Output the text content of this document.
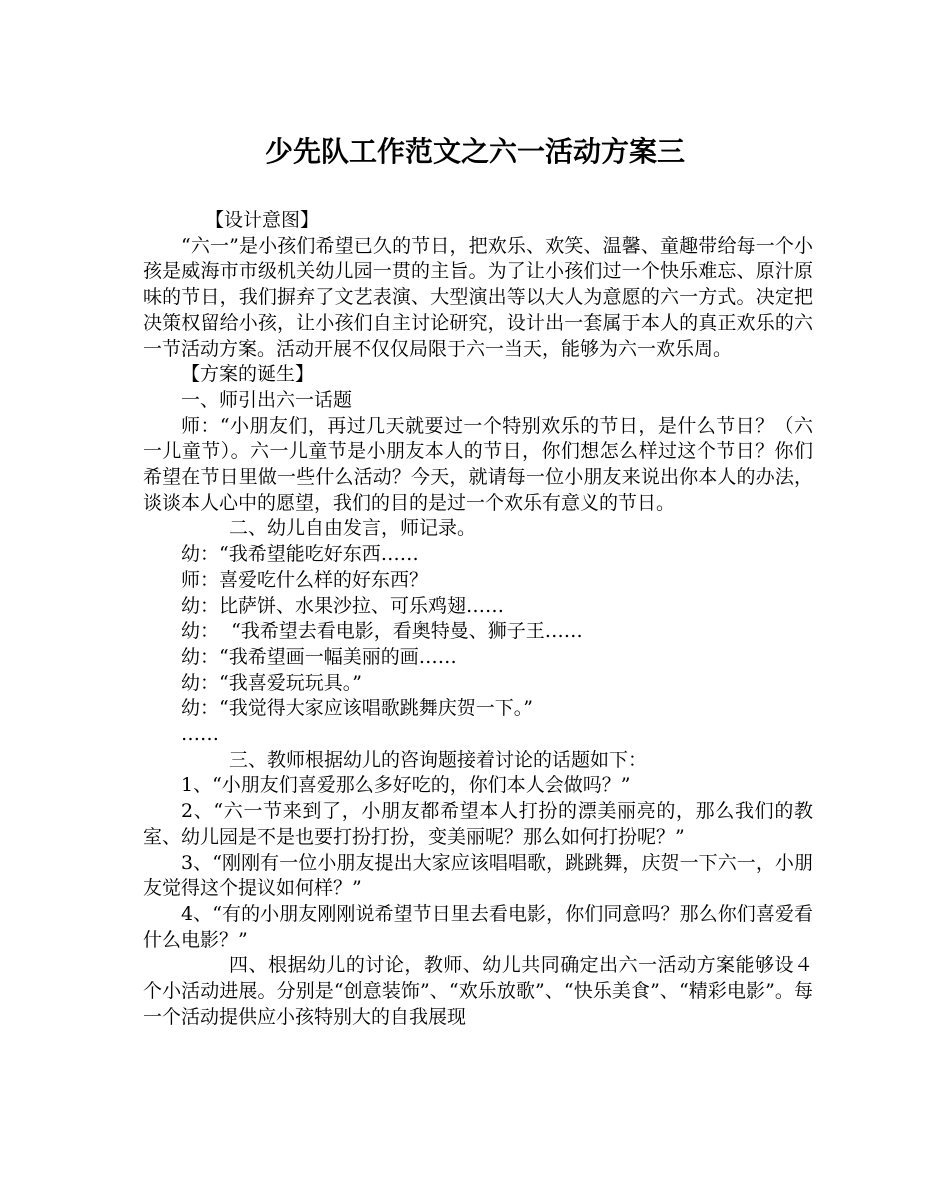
少先队工作范文之六一活动方案三
【设计意图】

“六一”是小孩们希望已久的节日，把欢乐、欢笑、温馨、童趣带给每一个小孩是威海市市级机关幼儿园一贯的主旨。为了让小孩们过一个快乐难忘、原汁原味的节日，我们摒弃了文艺表演、大型演出等以大人为意愿的六一方式。决定把决策权留给小孩，让小孩们自主讨论研究，设计出一套属于本人的真正欢乐的六一节活动方案。活动开展不仅仅局限于六一当天，能够为六一欢乐周。

【方案的诞生】
一、师引出六一话题

师：“小朋友们，再过几天就要过一个特别欢乐的节日，是什么节日？（六一儿童节）。六一儿童节是小朋友本人的节日，你们想怎么样过这个节日？你们希望在节日里做一些什么活动？今天，就请每一位小朋友来说出你本人的办法，谈谈本人心中的愿望，我们的目的是过一个欢乐有意义的节日。

二、幼儿自由发言，师记录。
幼：“我希望能吃好东西……
师：喜爱吃什么样的好东西？
幼：比萨饼、水果沙拉、可乐鸡翅……
幼：  “我希望去看电影，看奥特曼、狮子王……
幼：“我希望画一幅美丽的画……
幼：“我喜爱玩玩具。”
幼：“我觉得大家应该唱歌跳舞庆贺一下。”
……
三、教师根据幼儿的咨询题接着讨论的话题如下：
1、“小朋友们喜爱那么多好吃的，你们本人会做吗？”

2、“六一节来到了，小朋友都希望本人打扮的漂美丽亮的，那么我们的教室、幼儿园是不是也要打扮打扮，变美丽呢？那么如何打扮呢？”

3、“刚刚有一位小朋友提出大家应该唱唱歌，跳跳舞，庆贺一下六一，小朋友觉得这个提议如何样？”

4、“有的小朋友刚刚说希望节日里去看电影，你们同意吗？那么你们喜爱看什么电影？”

四、根据幼儿的讨论，教师、幼儿共同确定出六一活动方案能够设４个小活动进展。分别是“创意装饰”、“欢乐放歌”、“快乐美食”、“精彩电影”。每一个活动提供应小孩特别大的自我展现
